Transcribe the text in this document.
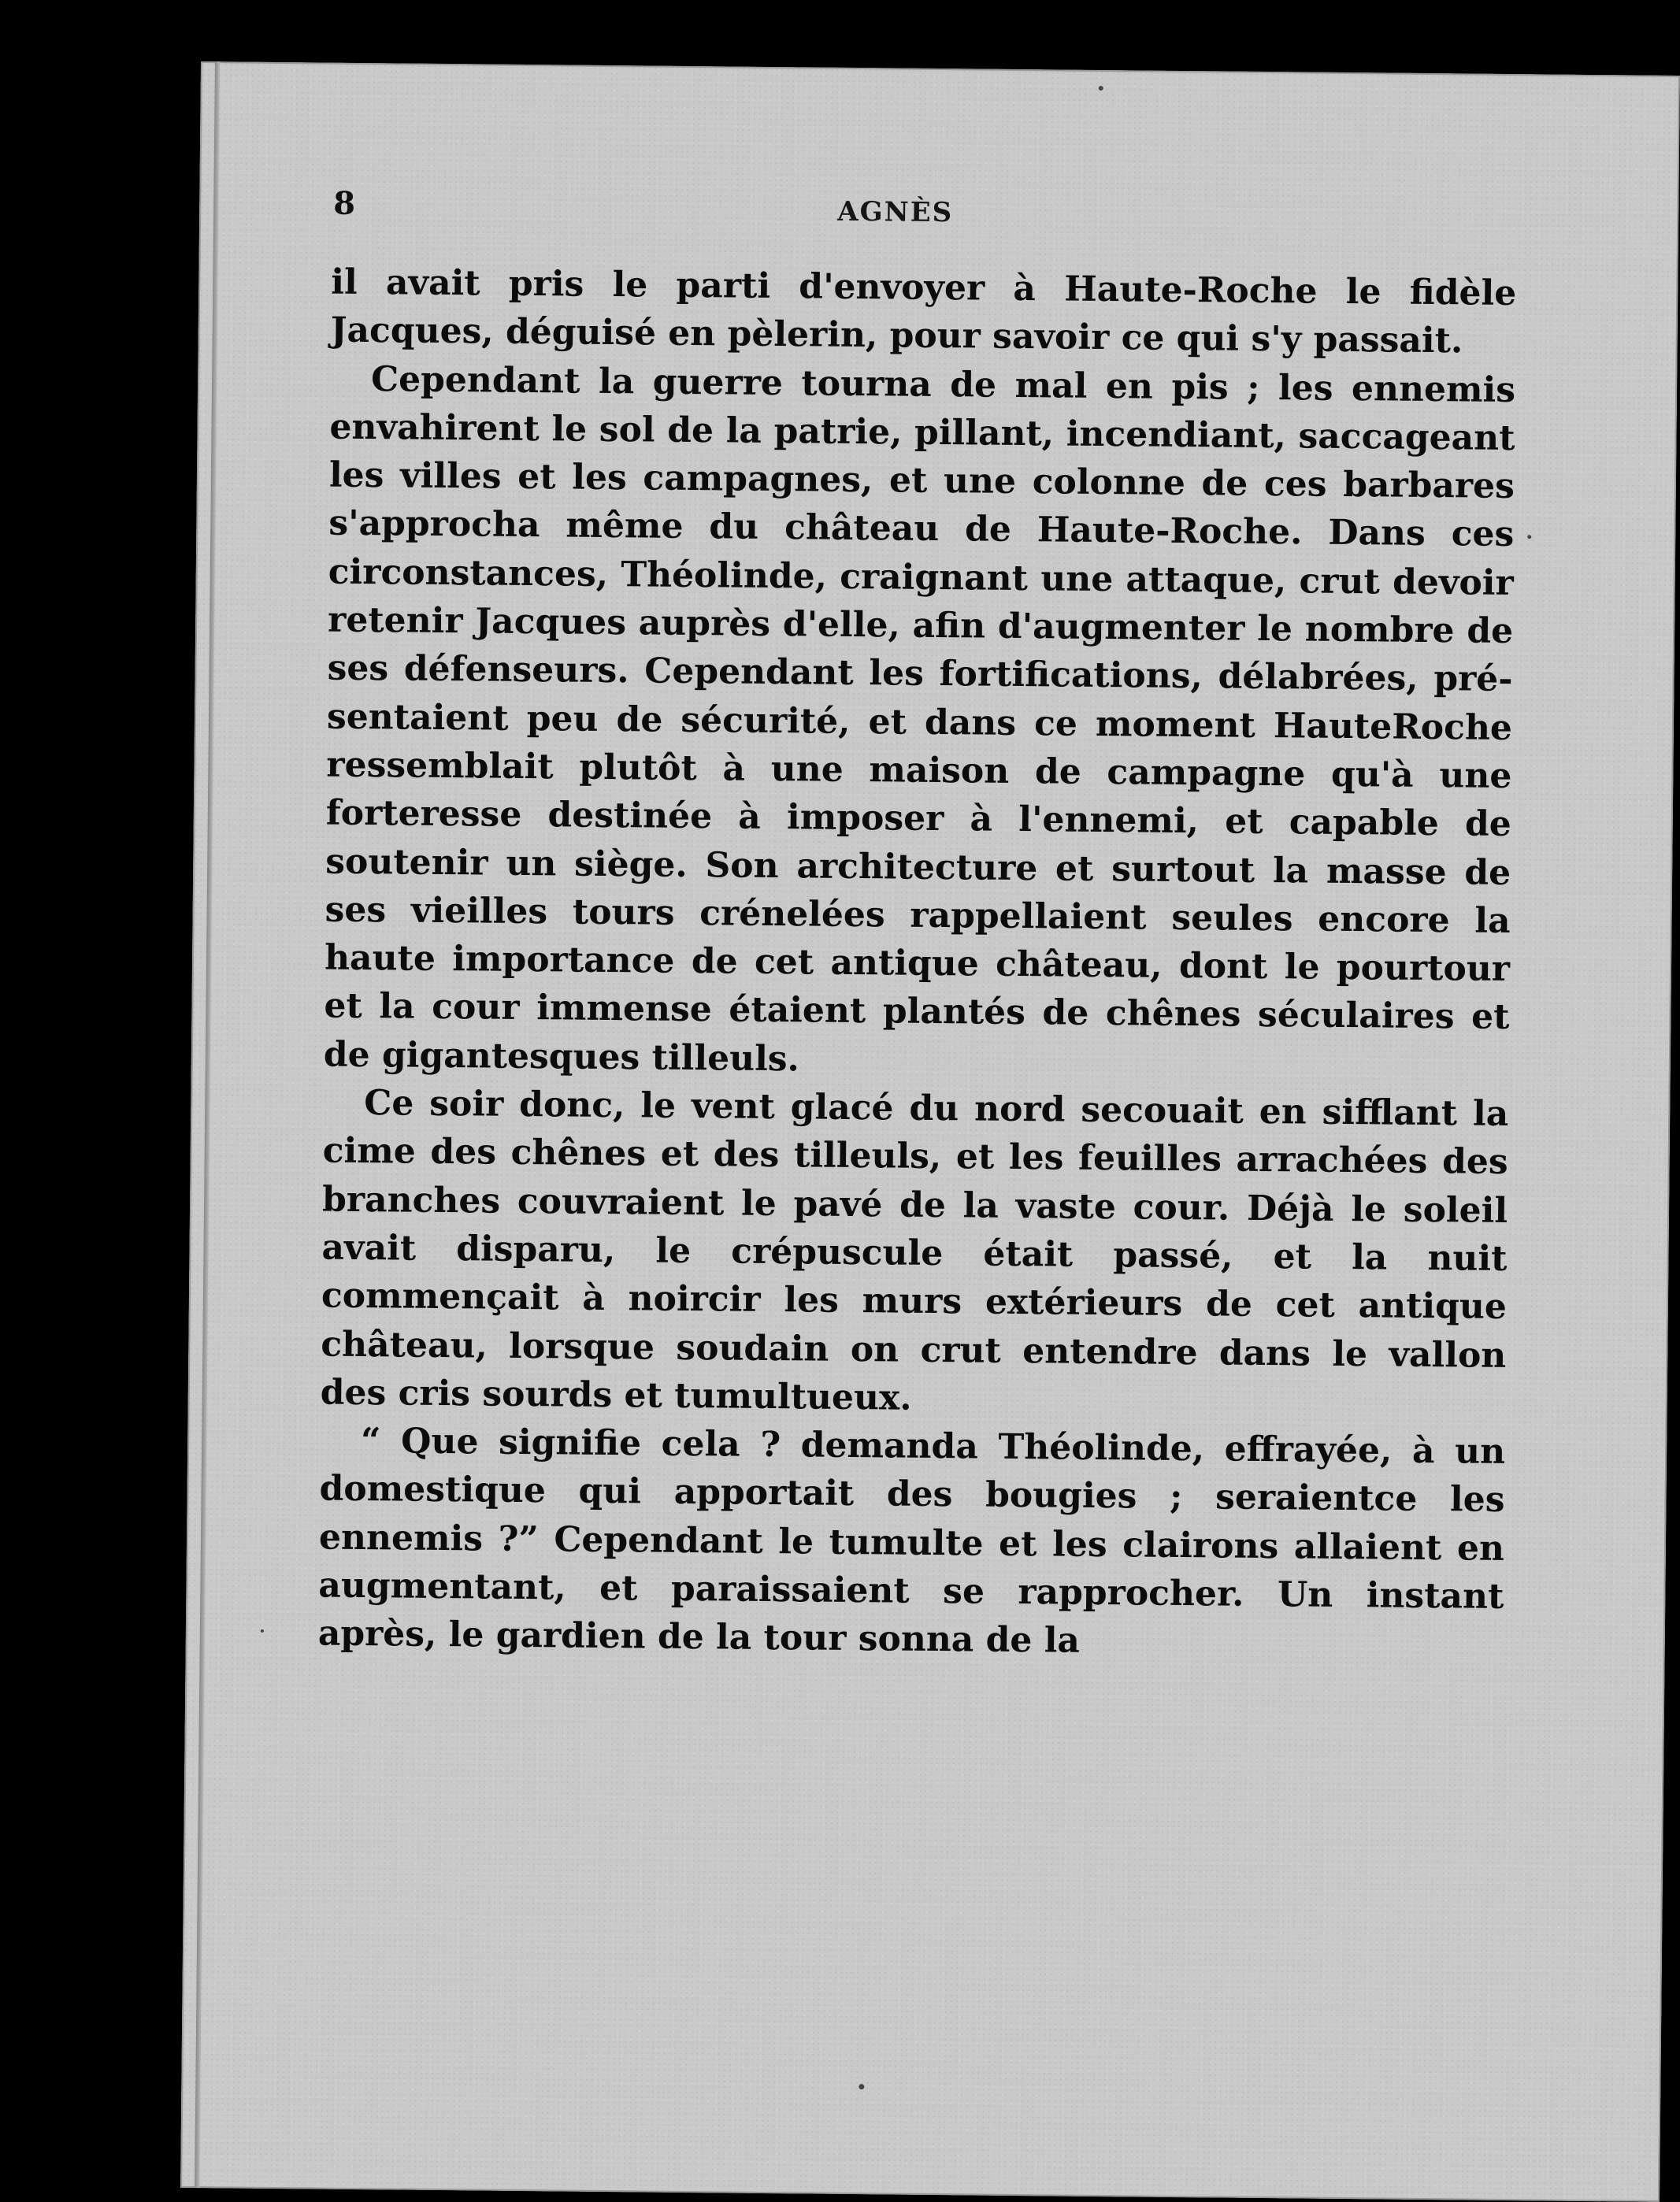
8	AGNÈS

il avait pris le parti d'envoyer à Haute-Roche le fidèle Jacques, déguisé en pèlerin, pour savoir ce qui s'y passait.

Cependant la guerre tourna de mal en pis ; les ennemis envahirent le sol de la patrie, pillant, incendiant, saccageant les villes et les campagnes, et une colonne de ces barbares s'approcha même du château de Haute-Roche. Dans ces circonstances, Théolinde, craignant une attaque, crut devoir retenir Jacques auprès d'elle, afin d'augmenter le nombre de ses défenseurs. Cependant les fortifications, délabrées, présentaient peu de sécurité, et dans ce moment HauteRoche ressemblait plutôt à une maison de campagne qu'à une forteresse destinée à imposer à l'ennemi, et capable de soutenir un siège. Son architecture et surtout la masse de ses vieilles tours crénelées rappellaient seules encore la haute importance de cet antique château, dont le pourtour et la cour immense étaient plantés de chênes séculaires et de gigantesques tilleuls.

Ce soir donc, le vent glacé du nord secouait en sifflant la cime des chênes et des tilleuls, et les feuilles arrachées des branches couvraient le pavé de la vaste cour. Déjà le soleil avait disparu, le crépuscule était passé, et la nuit commençait à noircir les murs extérieurs de cet antique château, lorsque soudain on crut entendre dans le vallon des cris sourds et tumultueux.

“ Que signifie cela ? demanda Théolinde, effrayée, à un domestique qui apportait des bougies ; seraientce les ennemis ?” Cependant le tumulte et les clairons allaient en augmentant, et paraissaient se rapprocher. Un instant après, le gardien de la tour sonna de la
